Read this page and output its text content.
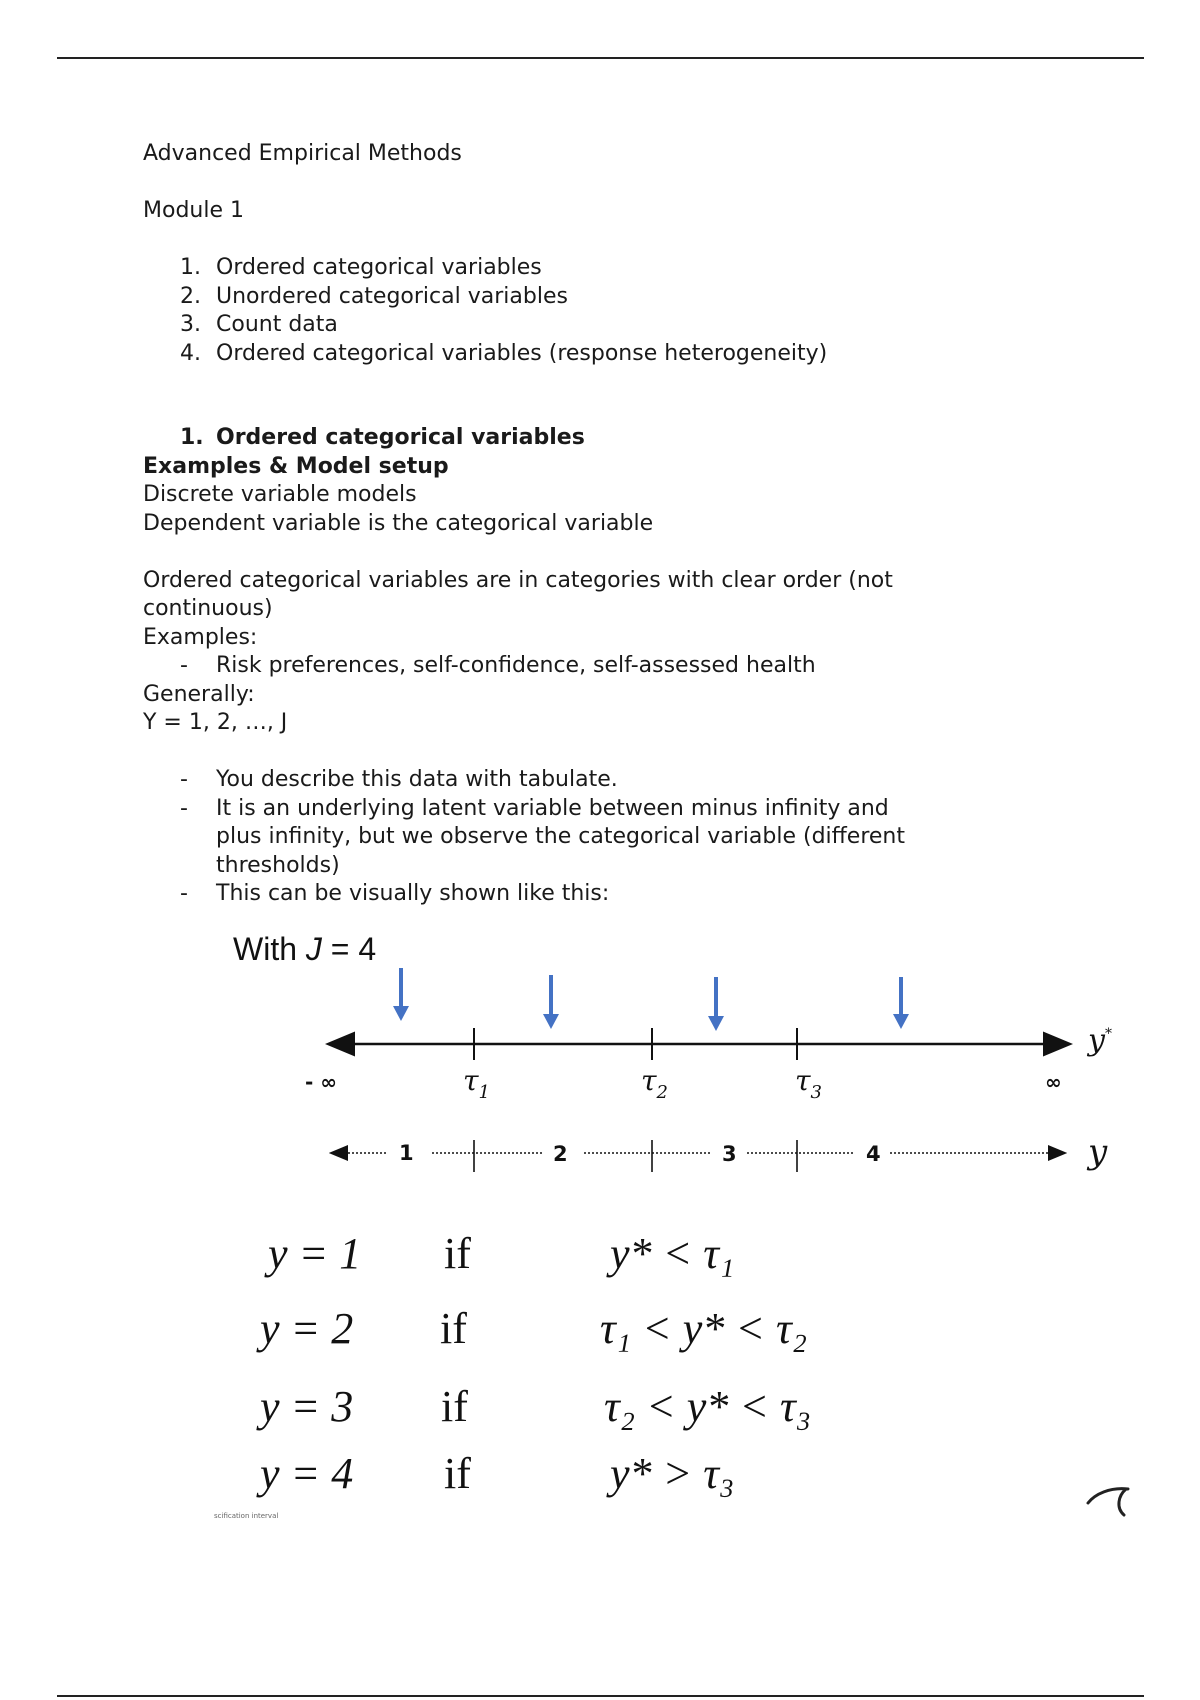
Advanced Empirical Methods
Module 1
1. Ordered categorical variables
2. Unordered categorical variables
3. Count data
4. Ordered categorical variables (response heterogeneity)
1. Ordered categorical variables
Examples & Model setup
Discrete variable models
Dependent variable is the categorical variable
Ordered categorical variables are in categories with clear order (not continuous)
Examples:
- Risk preferences, self-confidence, self-assessed health
Generally:
Y = 1, 2, …, J
- You describe this data with tabulate.
- It is an underlying latent variable between minus infinity and plus infinity, but we observe the categorical variable (different thresholds)
- This can be visually shown like this:
With J = 4
y*
- ∞	∞
$\tau_1$	$\tau_2$	$\tau_3$
1	2	3	4	y
y = 1 if	y* < τ₁
y = 2 if	τ₁ < y* < τ₂
y = 3 if	τ₂ < y* < τ₃
y = 4 if	y* > τ₃
scification interval
